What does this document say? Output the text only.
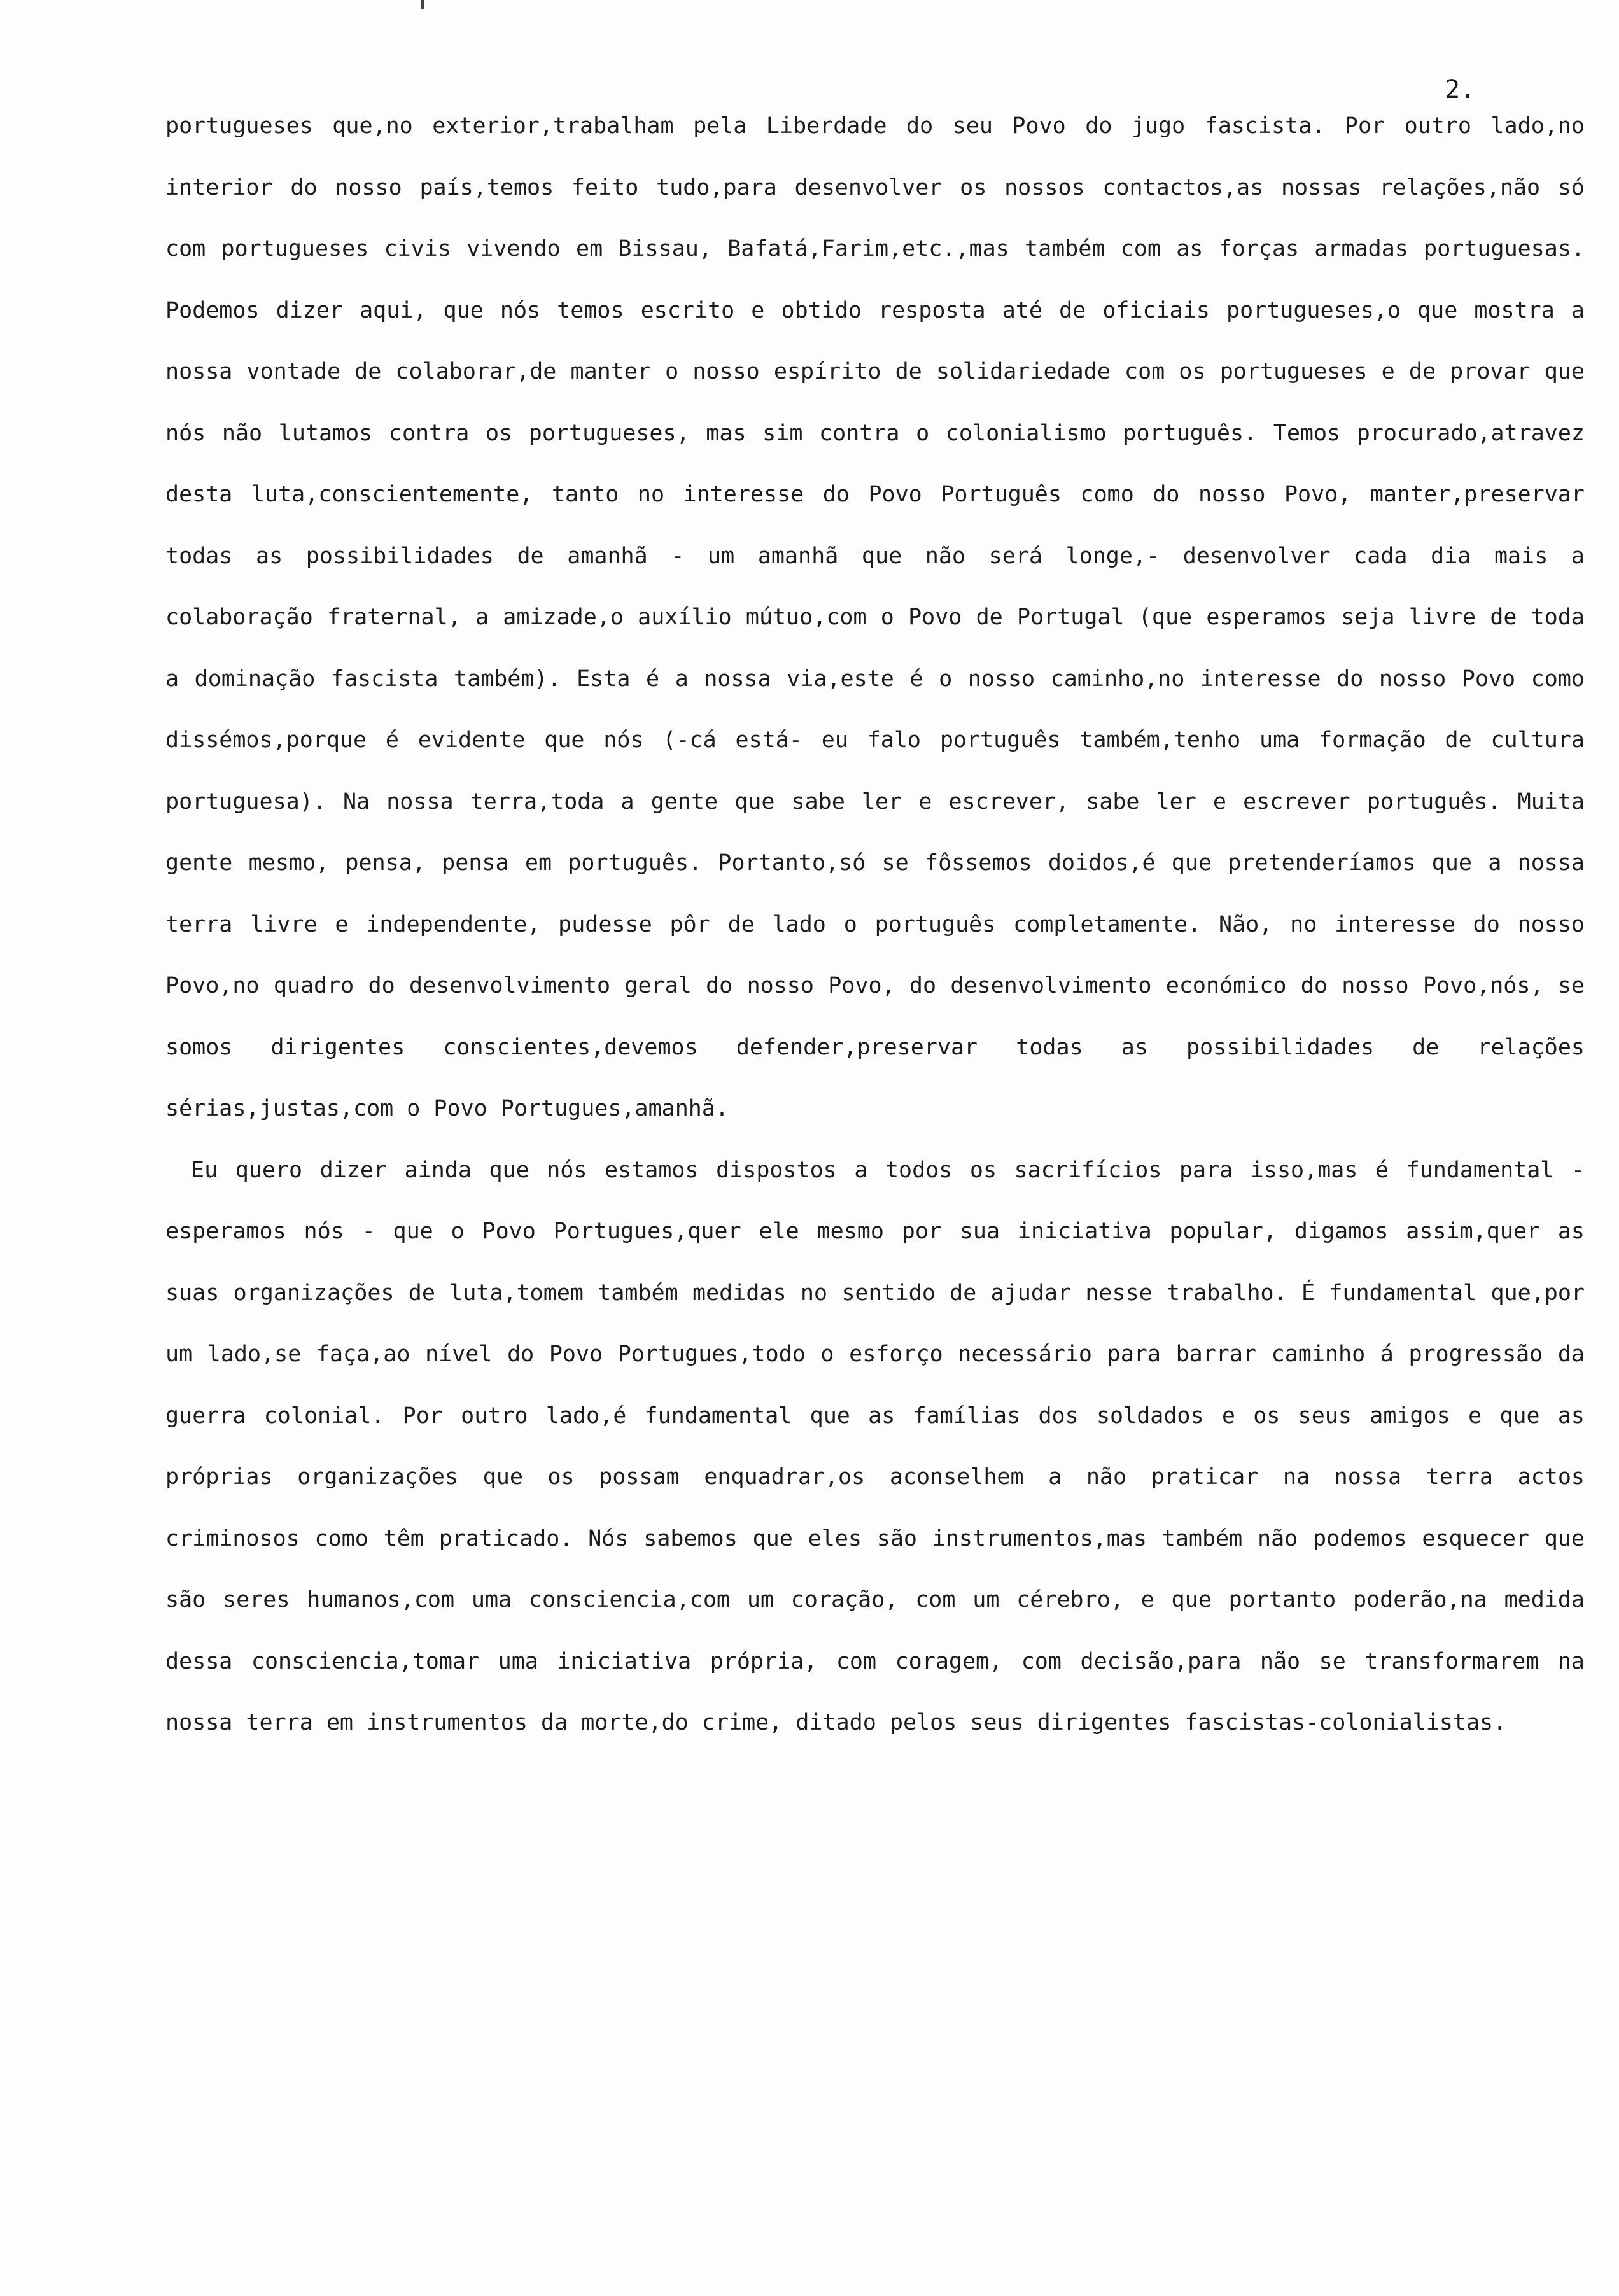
2.

portugueses que,no exterior,trabalham pela Liberdade do seu Povo do jugo fascista. Por outro lado,no interior do nosso país,temos feito tudo,para desenvolver os nossos contactos,as nossas relações,não só com portugueses civis vivendo em Bissau, Bafatá,Farim,etc.,mas também com as forças armadas portuguesas. Podemos dizer aqui, que nós temos escrito e obtido resposta até de oficiais portugueses,o que mostra a nossa vontade de colaborar,de manter o nosso espírito de solidariedade com os portugueses e de provar que nós não lutamos contra os portugueses, mas sim contra o colonialismo português. Temos procurado,atravez desta luta,conscientemente, tanto no interesse do Povo Português como do nosso Povo, manter,preservar todas as possibilidades de amanhã - um amanhã que não será longe,- desenvolver cada dia mais a colaboração fraternal, a amizade,o auxílio mútuo,com o Povo de Portugal (que esperamos seja livre de toda a dominação fascista também). Esta é a nossa via,este é o nosso caminho,no interesse do nosso Povo como dissémos,porque é evidente que nós (-cá está- eu falo português também,tenho uma formação de cultura portuguesa). Na nossa terra,toda a gente que sabe ler e escrever, sabe ler e escrever português. Muita gente mesmo, pensa, pensa em português. Portanto,só se fôssemos doidos,é que pretenderíamos que a nossa terra livre e independente, pudesse pôr de lado o português completamente. Não, no interesse do nosso Povo,no quadro do desenvolvimento geral do nosso Povo, do desenvolvimento económico do nosso Povo,nós, se somos dirigentes conscientes,devemos defender,preservar todas as possibilidades de relações sérias,justas,com o Povo Portugues,amanhã.

Eu quero dizer ainda que nós estamos dispostos a todos os sacrifícios para isso,mas é fundamental - esperamos nós - que o Povo Portugues,quer ele mesmo por sua iniciativa popular, digamos assim,quer as suas organizações de luta,tomem também medidas no sentido de ajudar nesse trabalho. É fundamental que,por um lado,se faça,ao nível do Povo Portugues,todo o esforço necessário para barrar caminho á progressão da guerra colonial. Por outro lado,é fundamental que as famílias dos soldados e os seus amigos e que as próprias organizações que os possam enquadrar,os aconselhem a não praticar na nossa terra actos criminosos como têm praticado. Nós sabemos que eles são instrumentos,mas também não podemos esquecer que são seres humanos,com uma consciencia,com um coração, com um cérebro, e que portanto poderão,na medida dessa consciencia,tomar uma iniciativa própria, com coragem, com decisão,para não se transformarem na nossa terra em instrumentos da morte,do crime, ditado pelos seus dirigentes fascistas-colonialistas.
